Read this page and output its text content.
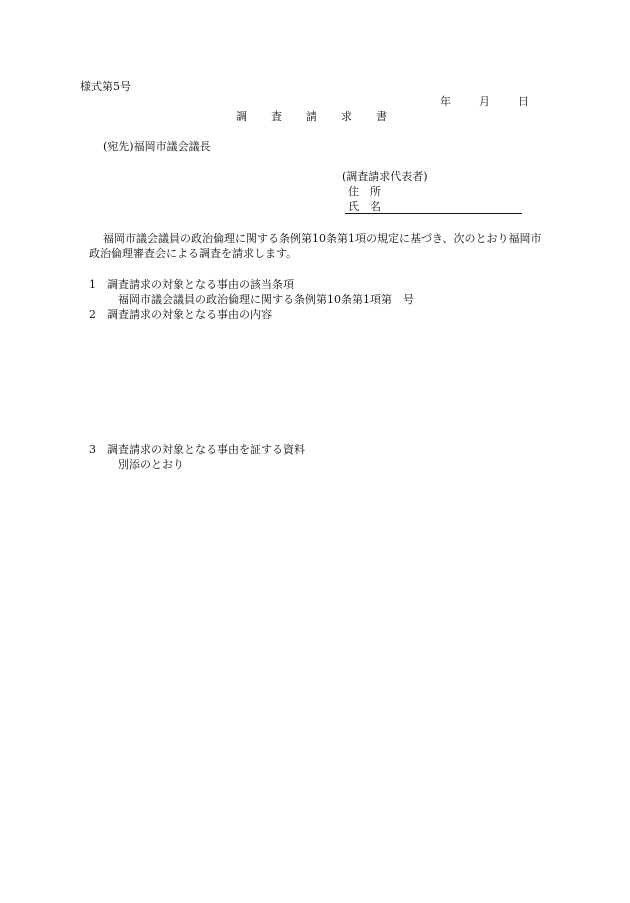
様式第5号
年	月	日
調 査 請 求 書
(宛先)福岡市議会議長
(調査請求代表者)
住　所
氏　名
福岡市議会議員の政治倫理に関する条例第10条第1項の規定に基づき、次のとおり福岡市政治倫理審査会による調査を請求します。
1 調査請求の対象となる事由の該当条項
福岡市議会議員の政治倫理に関する条例第10条第1項第　号
2 調査請求の対象となる事由の内容
3 調査請求の対象となる事由を証する資料
別添のとおり
